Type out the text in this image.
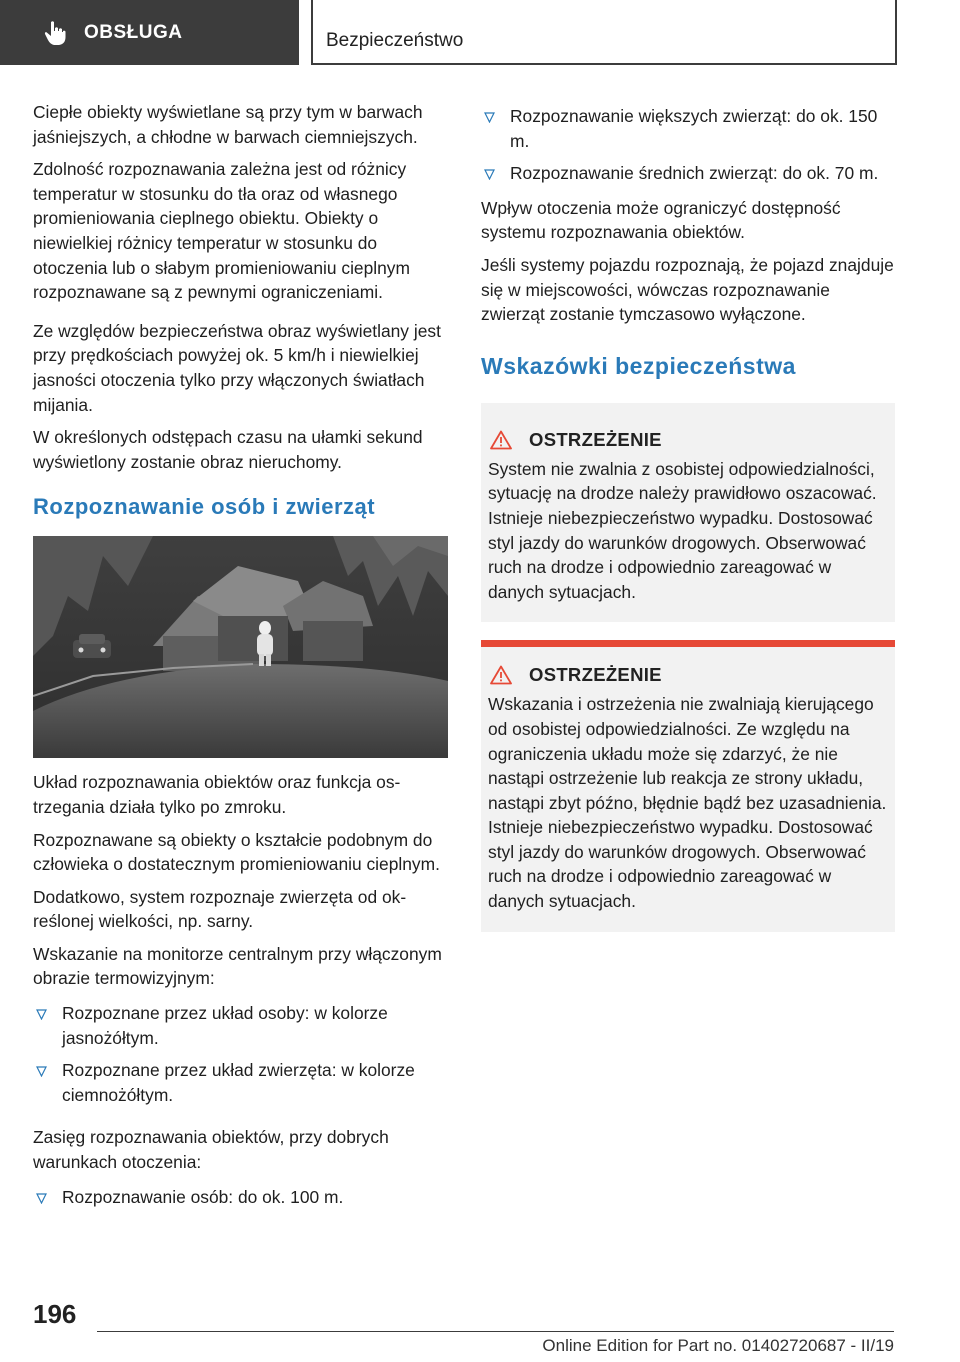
OBSŁUGA	Bezpieczeństwo

Ciepłe obiekty wyświetlane są przy tym w barwach jaśniejszych, a chłodne w barwach ciemniejszych.

Zdolność rozpoznawania zależna jest od różnicy temperatur w stosunku do tła oraz od własnego promieniowania cieplnego obiektu. Obiekty o niewielkiej różnicy temperatur w stosunku do otoczenia lub o słabym promieniowaniu cieplnym rozpoznawane są z pewnymi ograniczeniami.

Ze względów bezpieczeństwa obraz wyświetlany jest przy prędkościach powyżej ok. 5 km/h i niewielkiej jasności otoczenia tylko przy włączonych światłach mijania.

W określonych odstępach czasu na ułamki sekund wyświetlony zostanie obraz nieruchomy.

Rozpoznawanie osób i zwierząt

Układ rozpoznawania obiektów oraz funkcja ostrzegania działa tylko po zmroku.

Rozpoznawane są obiekty o kształcie podobnym do człowieka o dostatecznym promieniowaniu cieplnym.

Dodatkowo, system rozpoznaje zwierzęta od określonej wielkości, np. sarny.

Wskazanie na monitorze centralnym przy włączonym obrazie termowizyjnym:

Rozpoznane przez układ osoby: w kolorze jasnożółtym.
Rozpoznane przez układ zwierzęta: w kolorze ciemnożółtym.

Zasięg rozpoznawania obiektów, przy dobrych warunkach otoczenia:

Rozpoznawanie osób: do ok. 100 m.
Rozpoznawanie większych zwierząt: do ok. 150 m.
Rozpoznawanie średnich zwierząt: do ok. 70 m.

Wpływ otoczenia może ograniczyć dostępność systemu rozpoznawania obiektów.

Jeśli systemy pojazdu rozpoznają, że pojazd znajduje się w miejscowości, wówczas rozpoznawanie zwierząt zostanie tymczasowo wyłączone.

Wskazówki bezpieczeństwa
OSTRZEŻENIE

System nie zwalnia z osobistej odpowiedzialności, sytuację na drodze należy prawidłowo oszacować. Istnieje niebezpieczeństwo wypadku. Dostosować styl jazdy do warunków drogowych. Obserwować ruch na drodze i odpowiednio zareagować w danych sytuacjach.

OSTRZEŻENIE

Wskazania i ostrzeżenia nie zwalniają kierującego od osobistej odpowiedzialności. Ze względu na ograniczenia układu może się zdarzyć, że nie nastąpi ostrzeżenie lub reakcja ze strony układu, nastąpi zbyt późno, błędnie bądź bez uzasadnienia. Istnieje niebezpieczeństwo wypadku. Dostosować styl jazdy do warunków drogowych. Obserwować ruch na drodze i odpowiednio zareagować w danych sytuacjach.

196
Online Edition for Part no. 01402720687 - II/19
